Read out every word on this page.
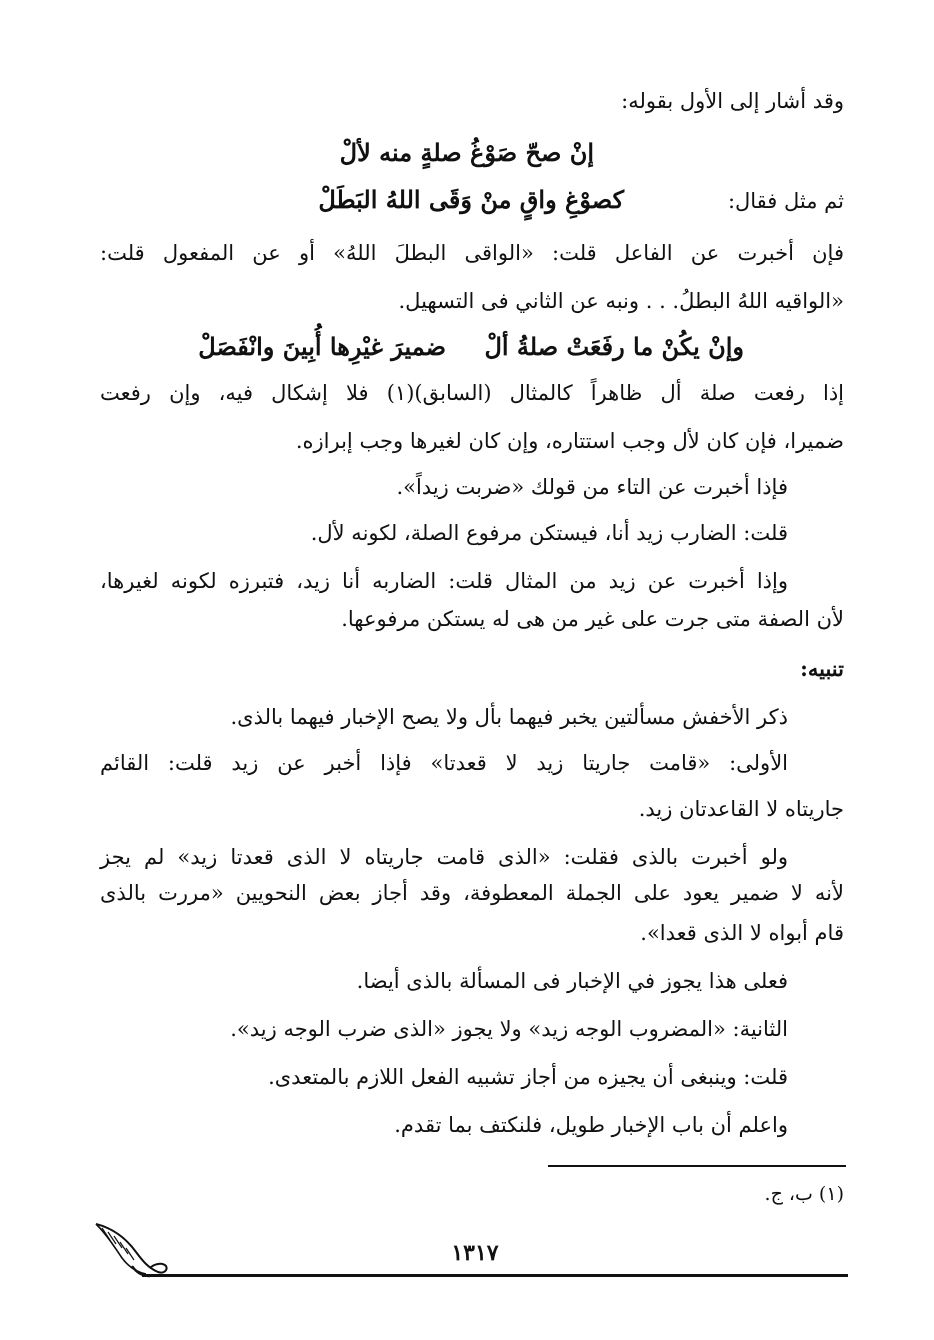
وقد أشار إلى الأول بقوله:
إنْ صحّ صَوْغُ صلةٍ منه لألْ
ثم مثل فقال:
كصوْغِ واقٍ منْ وَقَى اللهُ البَطَلْ
فإن أخبرت عن الفاعل قلت: «الواقى البطلَ اللهُ» أو عن المفعول قلت:
«الواقيه اللهُ البطلُ. . . ونبه عن الثاني فى التسهيل.
وإنْ يكُنْ ما رفَعَتْ صلةُ ألْ
ضميرَ غيْرِها أُبِينَ وانْفَصَلْ
إذا رفعت صلة أل ظاهراً كالمثال (السابق)(١) فلا إشكال فيه، وإن رفعت
ضميرا، فإن كان لأل وجب استتاره، وإن كان لغيرها وجب إبرازه.
فإذا أخبرت عن التاء من قولك «ضربت زيداً».
قلت: الضارب زيد أنا، فيستكن مرفوع الصلة، لكونه لأل.
وإذا أخبرت عن زيد من المثال قلت: الضاربه أنا زيد، فتبرزه لكونه لغيرها،
لأن الصفة متى جرت على غير من هى له يستكن مرفوعها.
تنبيه:
ذكر الأخفش مسألتين يخبر فيهما بأل ولا يصح الإخبار فيهما بالذى.
الأولى: «قامت جاريتا زيد لا قعدتا» فإذا أخبر عن زيد قلت: القائم
جاريتاه لا القاعدتان زيد.
ولو أخبرت بالذى فقلت: «الذى قامت جاريتاه لا الذى قعدتا زيد» لم يجز
لأنه لا ضمير يعود على الجملة المعطوفة، وقد أجاز بعض النحويين «مررت بالذى
قام أبواه لا الذى قعدا».
فعلى هذا يجوز في الإخبار فى المسألة بالذى أيضا.
الثانية: «المضروب الوجه زيد» ولا يجوز «الذى ضرب الوجه زيد».
قلت: وينبغى أن يجيزه من أجاز تشبيه الفعل اللازم بالمتعدى.
واعلم أن باب الإخبار طويل، فلنكتف بما تقدم.
(١) ب، ج.
١٣١٧
